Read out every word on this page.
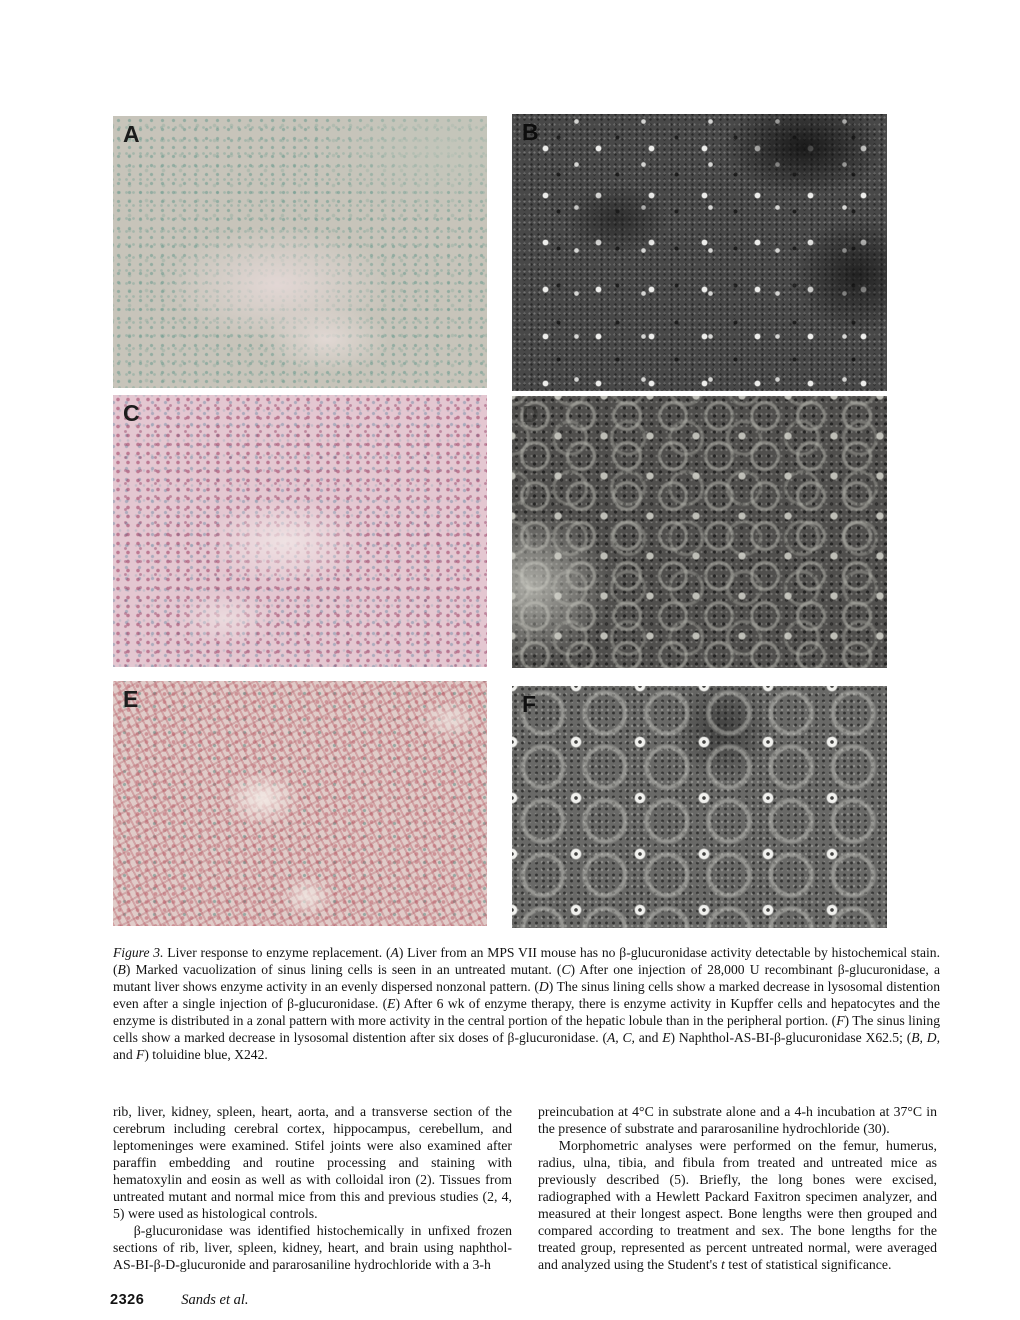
A	B
C	D
E	F

Figure 3. Liver response to enzyme replacement. (A) Liver from an MPS VII mouse has no β-glucuronidase activity detectable by histochemical stain. (B) Marked vacuolization of sinus lining cells is seen in an untreated mutant. (C) After one injection of 28,000 U recombinant β-glucuronidase, a mutant liver shows enzyme activity in an evenly dispersed nonzonal pattern. (D) The sinus lining cells show a marked decrease in lysosomal distention even after a single injection of β-glucuronidase. (E) After 6 wk of enzyme therapy, there is enzyme activity in Kupffer cells and hepatocytes and the enzyme is distributed in a zonal pattern with more activity in the central portion of the hepatic lobule than in the peripheral portion. (F) The sinus lining cells show a marked decrease in lysosomal distention after six doses of β-glucuronidase. (A, C, and E) Naphthol-AS-BI-β-glucuronidase X62.5; (B, D, and F) toluidine blue, X242.

rib, liver, kidney, spleen, heart, aorta, and a transverse section of the cerebrum including cerebral cortex, hippocampus, cerebellum, and leptomeninges were examined. Stifel joints were also examined after paraffin embedding and routine processing and staining with hematoxylin and eosin as well as with colloidal iron (2). Tissues from untreated mutant and normal mice from this and previous studies (2, 4, 5) were used as histological controls.

β-glucuronidase was identified histochemically in unfixed frozen sections of rib, liver, spleen, kidney, heart, and brain using naphthol-AS-BI-β-D-glucuronide and pararosaniline hydrochloride with a 3-h

preincubation at 4°C in substrate alone and a 4-h incubation at 37°C in the presence of substrate and pararosaniline hydrochloride (30).

Morphometric analyses were performed on the femur, humerus, radius, ulna, tibia, and fibula from treated and untreated mice as previously described (5). Briefly, the long bones were excised, radiographed with a Hewlett Packard Faxitron specimen analyzer, and measured at their longest aspect. Bone lengths were then grouped and compared according to treatment and sex. The bone lengths for the treated group, represented as percent untreated normal, were averaged and analyzed using the Student's t test of statistical significance.

2326	Sands et al.
